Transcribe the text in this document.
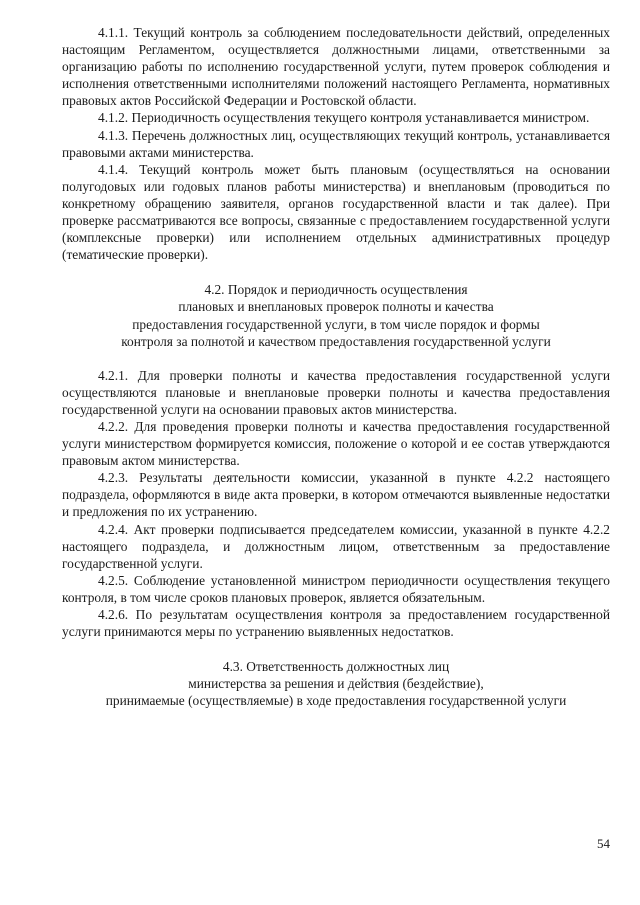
4.1.1. Текущий контроль за соблюдением последовательности действий, определенных настоящим Регламентом, осуществляется должностными лицами, ответственными за организацию работы по исполнению государственной услуги, путем проверок соблюдения и исполнения ответственными исполнителями положений настоящего Регламента, нормативных правовых актов Российской Федерации и Ростовской области.

4.1.2. Периодичность осуществления текущего контроля устанавливается министром.

4.1.3. Перечень должностных лиц, осуществляющих текущий контроль, устанавливается правовыми актами министерства.

4.1.4. Текущий контроль может быть плановым (осуществляться на основании полугодовых или годовых планов работы министерства) и внеплановым (проводиться по конкретному обращению заявителя, органов государственной власти и так далее). При проверке рассматриваются все вопросы, связанные с предоставлением государственной услуги (комплексные проверки) или исполнением отдельных административных процедур (тематические проверки).

4.2. Порядок и периодичность осуществления
плановых и внеплановых проверок полноты и качества
предоставления государственной услуги, в том числе порядок и формы
контроля за полнотой и качеством предоставления государственной услуги

4.2.1. Для проверки полноты и качества предоставления государственной услуги осуществляются плановые и внеплановые проверки полноты и качества предоставления государственной услуги на основании правовых актов министерства.

4.2.2. Для проведения проверки полноты и качества предоставления государственной услуги министерством формируется комиссия, положение о которой и ее состав утверждаются правовым актом министерства.

4.2.3. Результаты деятельности комиссии, указанной в пункте 4.2.2 настоящего подраздела, оформляются в виде акта проверки, в котором отмечаются выявленные недостатки и предложения по их устранению.

4.2.4. Акт проверки подписывается председателем комиссии, указанной в пункте 4.2.2 настоящего подраздела, и должностным лицом, ответственным за предоставление государственной услуги.

4.2.5. Соблюдение установленной министром периодичности осуществления текущего контроля, в том числе сроков плановых проверок, является обязательным.

4.2.6. По результатам осуществления контроля за предоставлением государственной услуги принимаются меры по устранению выявленных недостатков.

4.3. Ответственность должностных лиц
министерства за решения и действия (бездействие),
принимаемые (осуществляемые) в ходе предоставления государственной услуги
54
